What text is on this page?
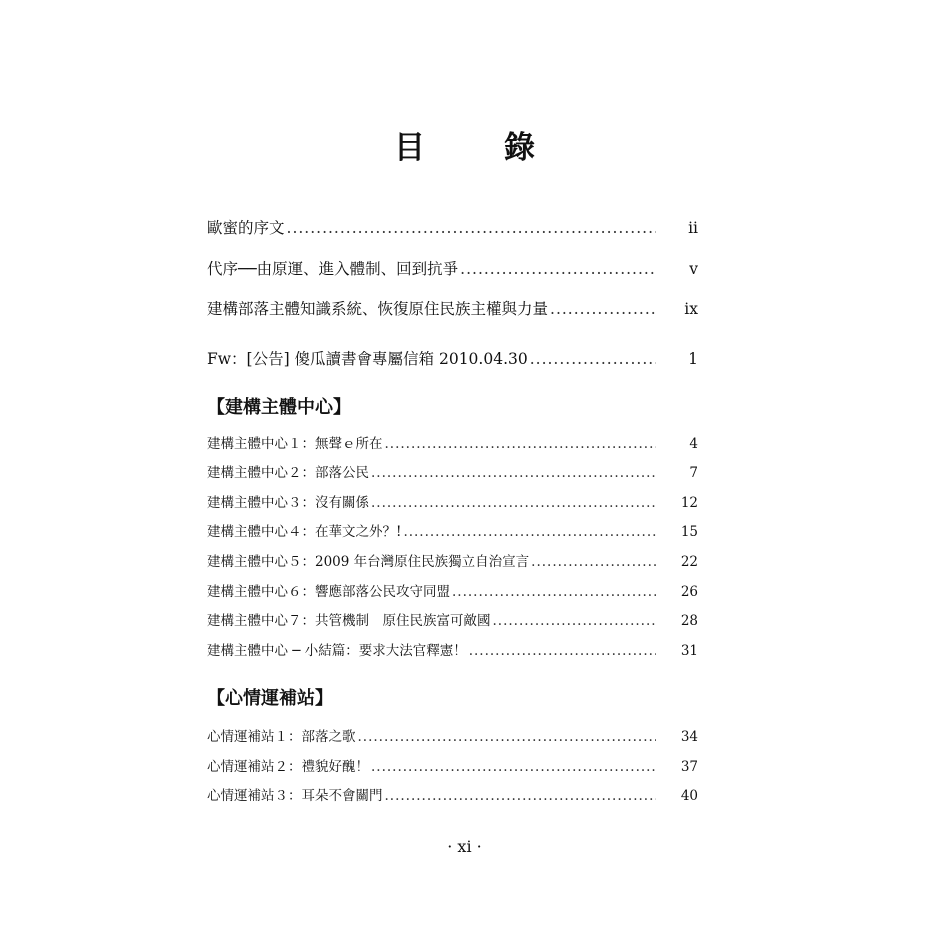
目　錄
歐蜜的序文 .....	ii
代序──由原運、進入體制、回到抗爭 .....	v
建構部落主體知識系統、恢復原住民族主權與力量 .....	ix
Fw：[公告] 傻瓜讀書會專屬信箱 2010.04.30 .....	1
【建構主體中心】
建構主體中心１：無聲ｅ所在 .....	4
建構主體中心２：部落公民 .....	7
建構主體中心３：沒有關係 .....	12
建構主體中心４：在華文之外？! .....	15
建構主體中心５：2009 年台灣原住民族獨立自治宣言 .....	22
建構主體中心６：響應部落公民攻守同盟 .....	26
建構主體中心７：共管機制　原住民族富可敵國 .....	28
建構主體中心 ─ 小結篇：要求大法官釋憲！ .....	31
【心情運補站】
心情運補站１：部落之歌 .....	34
心情運補站２：禮貌好醜！ .....	37
心情運補站３：耳朵不會關門 .....	40
· xi ·
